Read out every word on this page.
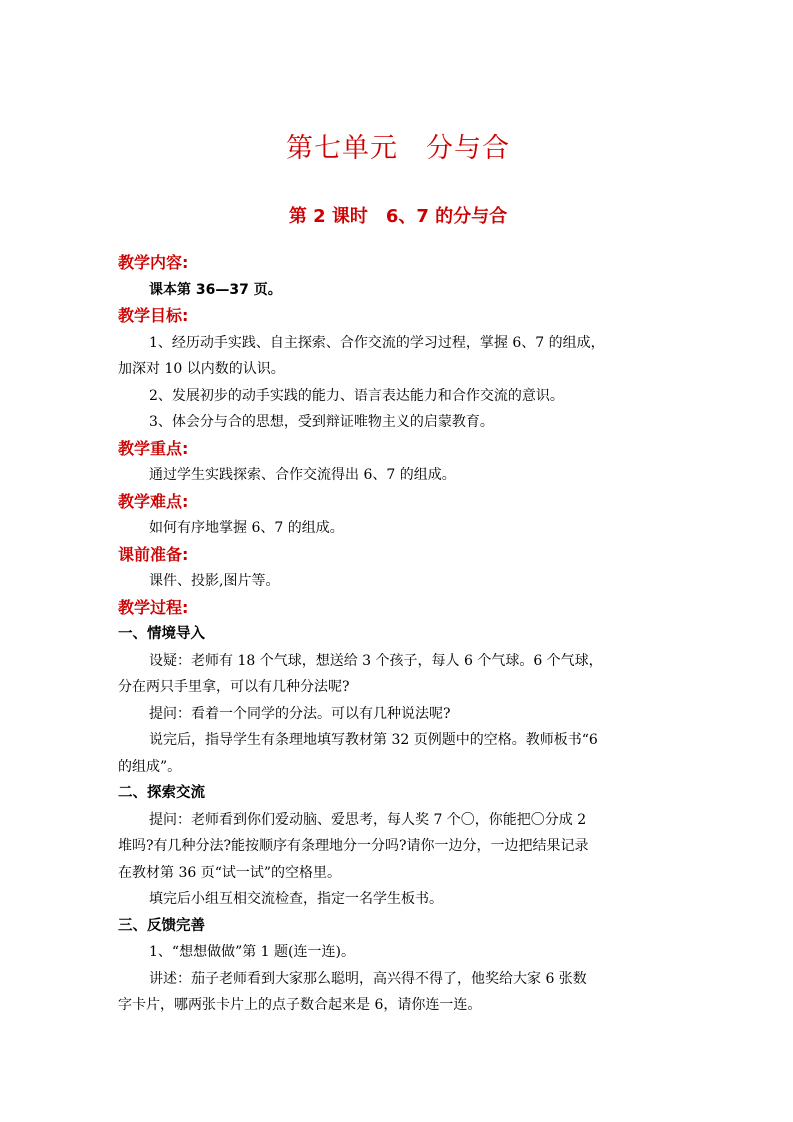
第七单元　分与合
第 2 课时　6、7 的分与合
教学内容:
课本第 36—37 页。
教学目标:
1、经历动手实践、自主探索、合作交流的学习过程，掌握 6、7 的组成，
加深对 10 以内数的认识。
2、发展初步的动手实践的能力、语言表达能力和合作交流的意识。
3、体会分与合的思想，受到辩证唯物主义的启蒙教育。
教学重点:
通过学生实践探索、合作交流得出 6、7 的组成。
教学难点:
如何有序地掌握 6、7 的组成。
课前准备:
课件、投影,图片等。
教学过程:
一、情境导入
设疑：老师有 18 个气球，想送给 3 个孩子，每人 6 个气球。6 个气球，
分在两只手里拿，可以有几种分法呢?
提问：看着一个同学的分法。可以有几种说法呢?
说完后，指导学生有条理地填写教材第 32 页例题中的空格。教师板书“6
的组成”。
二、探索交流
提问：老师看到你们爱动脑、爱思考，每人奖 7 个〇，你能把〇分成 2
堆吗?有几种分法?能按顺序有条理地分一分吗?请你一边分，一边把结果记录
在教材第 36 页“试一试”的空格里。
填完后小组互相交流检查，指定一名学生板书。
三、反馈完善
1、“想想做做”第 1 题(连一连)。
讲述：茄子老师看到大家那么聪明，高兴得不得了，他奖给大家 6 张数
字卡片，哪两张卡片上的点子数合起来是 6，请你连一连。
